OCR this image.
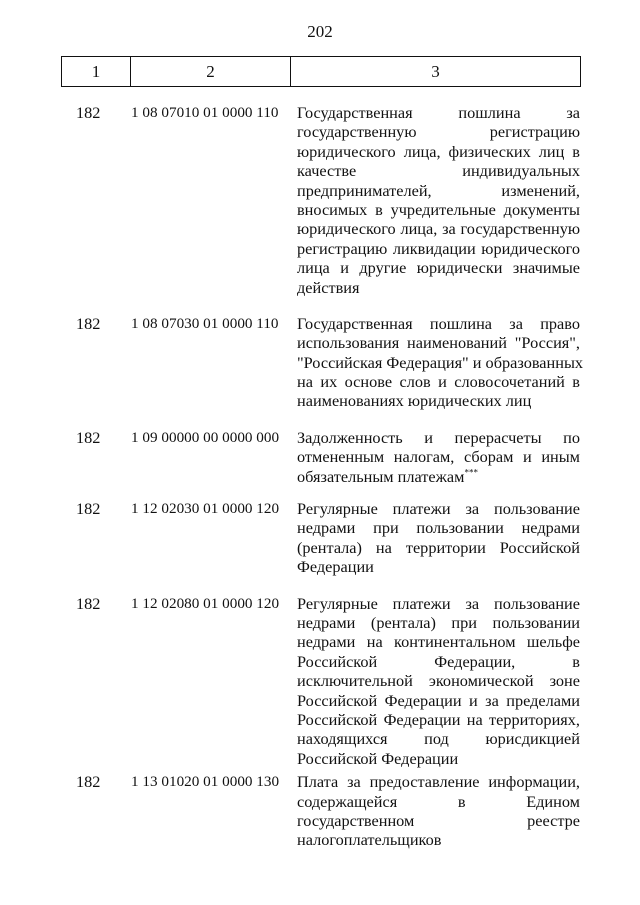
202
1	2	3
182	1 08 07010 01 0000 110	Государственная пошлина за
государственную регистрацию
юридического лица, физических лиц в
качестве индивидуальных
предпринимателей, изменений,
вносимых в учредительные документы
юридического лица, за государственную
регистрацию ликвидации юридического
лица и другие юридически значимые
действия
182	1 08 07030 01 0000 110	Государственная пошлина за право
использования наименований "Россия",
"Российская Федерация" и образованных
на их основе слов и словосочетаний в
наименованиях юридических лиц
182	1 09 00000 00 0000 000	Задолженность и перерасчеты по
отмененным налогам, сборам и иным
обязательным платежам***
182	1 12 02030 01 0000 120	Регулярные платежи за пользование
недрами при пользовании недрами
(рентала) на территории Российской
Федерации
182	1 12 02080 01 0000 120	Регулярные платежи за пользование
недрами (рентала) при пользовании
недрами на континентальном шельфе
Российской Федерации, в
исключительной экономической зоне
Российской Федерации и за пределами
Российской Федерации на территориях,
находящихся под юрисдикцией
Российской Федерации
182	1 13 01020 01 0000 130	Плата за предоставление информации,
содержащейся в Едином
государственном реестре
налогоплательщиков
